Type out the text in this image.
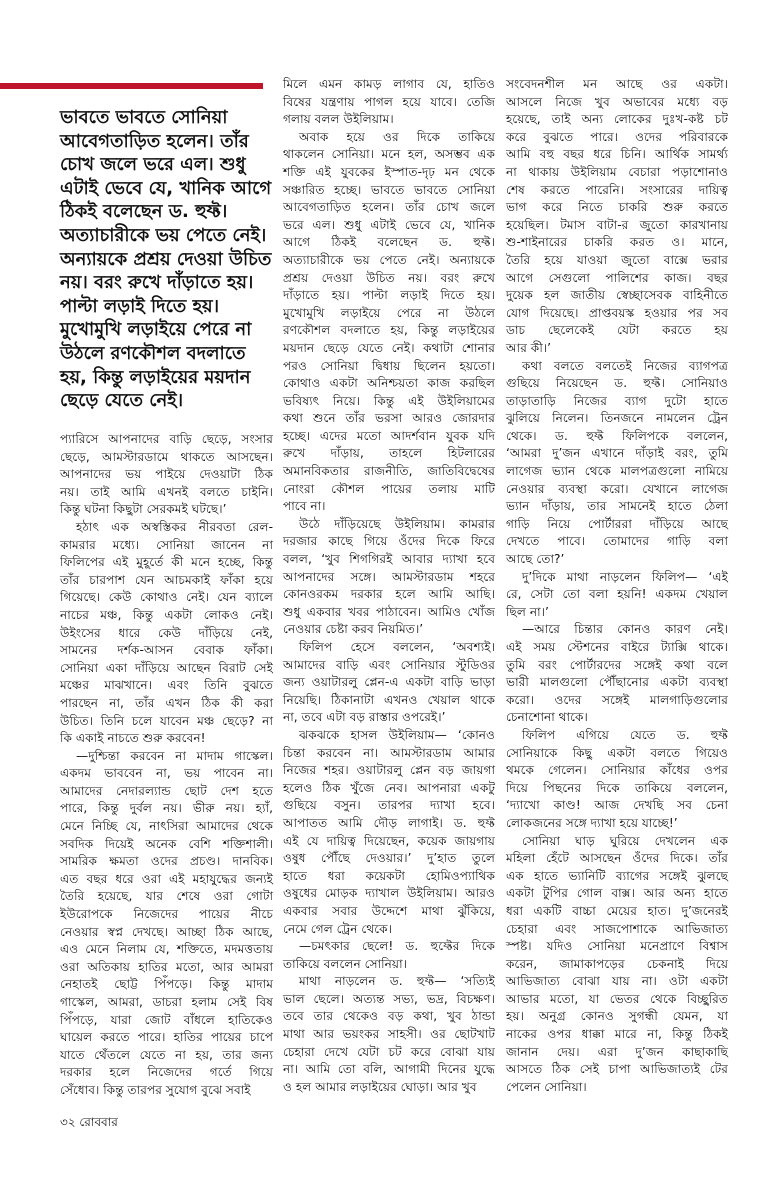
ভাবতে ভাবতে সোনিয়া
আবেগতাড়িত হলেন। তাঁর
চোখ জলে ভরে এল। শুধু
এটাই ভেবে যে, খানিক আগে
ঠিকই বলেছেন ড. হুফ্ট।
অত্যাচারীকে ভয় পেতে নেই।
অন্যায়কে প্রশ্রয় দেওয়া উচিত
নয়। বরং রুখে দাঁড়াতে হয়।
পাল্টা লড়াই দিতে হয়।
মুখোমুখি লড়াইয়ে পেরে না
উঠলে রণকৌশল বদলাতে
হয়, কিন্তু লড়াইয়ের ময়দান
ছেড়ে যেতে নেই।
প্যারিসে আপনাদের বাড়ি ছেড়ে, সংসার
ছেড়ে, আমস্টারডামে থাকতে আসছেন।
আপনাদের ভয় পাইয়ে দেওয়াটা ঠিক
নয়। তাই আমি এখনই বলতে চাইনি।
কিন্তু ঘটনা কিছুটা সেরকমই ঘটছে।’
হঠাৎ এক অস্বস্তিকর নীরবতা রেল-
কামরার মধ্যে। সোনিয়া জানেন না
ফিলিপের এই মুহূর্তে কী মনে হচ্ছে, কিন্তু
তাঁর চারপাশ যেন আচমকাই ফাঁকা হয়ে
গিয়েছে। কেউ কোথাও নেই। যেন ব্যালে
নাচের মঞ্চ, কিন্তু একটা লোকও নেই।
উইংসের ধারে কেউ দাঁড়িয়ে নেই,
সামনের দর্শক-আসন বেবাক ফাঁকা।
সোনিয়া একা দাঁড়িয়ে আছেন বিরাট সেই
মঞ্চের মাঝখানে। এবং তিনি বুঝতে
পারছেন না, তাঁর এখন ঠিক কী করা
উচিত। তিনি চলে যাবেন মঞ্চ ছেড়ে? না
কি একাই নাচতে শুরু করবেন!
—দুশ্চিন্তা করবেন না মাদাম গাস্কেল।
একদম ভাববেন না, ভয় পাবেন না।
আমাদের নেদারল্যান্ড ছোট দেশ হতে
পারে, কিন্তু দুর্বল নয়। ভীরু নয়। হ্যাঁ,
মেনে নিচ্ছি যে, নাৎসিরা আমাদের থেকে
সবদিক দিয়েই অনেক বেশি শক্তিশালী।
সামরিক ক্ষমতা ওদের প্রচণ্ড। দানবিক।
এত বছর ধরে ওরা এই মহাযুদ্ধের জন্যই
তৈরি হয়েছে, যার শেষে ওরা গোটা
ইউরোপকে নিজেদের পায়ের নীচে
নেওয়ার স্বপ্ন দেখছে। আচ্ছা ঠিক আছে,
এও মেনে নিলাম যে, শক্তিতে, মদমত্ততায়
ওরা অতিকায় হাতির মতো, আর আমরা
নেহাতই ছোট্ট পিঁপড়ে। কিন্তু মাদাম
গাস্কেল, আমরা, ডাচরা হলাম সেই বিষ
পিঁপড়ে, যারা জোট বাঁধলে হাতিকেও
ঘায়েল করতে পারে। হাতির পায়ের চাপে
যাতে থেঁতলে যেতে না হয়, তার জন্য
দরকার হলে নিজেদের গর্তে গিয়ে
সেঁধোব। কিন্তু তারপর সুযোগ বুঝে সবাই
মিলে এমন কামড় লাগাব যে, হাতিও
বিষের যন্ত্রণায় পাগল হয়ে যাবে। তেজি
গলায় বলল উইলিয়াম।
অবাক হয়ে ওর দিকে তাকিয়ে
থাকলেন সোনিয়া। মনে হল, অসম্ভব এক
শক্তি এই যুবকের ইস্পাত-দৃঢ় মন থেকে
সঞ্চারিত হচ্ছে। ভাবতে ভাবতে সোনিয়া
আবেগতাড়িত হলেন। তাঁর চোখ জলে
ভরে এল। শুধু এটাই ভেবে যে, খানিক
আগে ঠিকই বলেছেন ড. হুফ্ট।
অত্যাচারীকে ভয় পেতে নেই। অন্যায়কে
প্রশ্রয় দেওয়া উচিত নয়। বরং রুখে
দাঁড়াতে হয়। পাল্টা লড়াই দিতে হয়।
মুখোমুখি লড়াইয়ে পেরে না উঠলে
রণকৌশল বদলাতে হয়, কিন্তু লড়াইয়ের
ময়দান ছেড়ে যেতে নেই। কথাটা শোনার
পরও সোনিয়া দ্বিধায় ছিলেন হয়তো।
কোথাও একটা অনিশ্চয়তা কাজ করছিল
ভবিষ্যৎ নিয়ে। কিন্তু এই উইলিয়ামের
কথা শুনে তাঁর ভরসা আরও জোরদার
হচ্ছে। এদের মতো আদর্শবান যুবক যদি
রুখে দাঁড়ায়, তাহলে হিটলারের
অমানবিকতার রাজনীতি, জাতিবিদ্বেষের
নোংরা কৌশল পায়ের তলায় মাটি
পাবে না।
উঠে দাঁড়িয়েছে উইলিয়াম। কামরার
দরজার কাছে গিয়ে ওঁদের দিকে ফিরে
বলল, ‘খুব শিগগিরই আবার দ্যাখা হবে
আপনাদের সঙ্গে। আমস্টারডাম শহরে
কোনওরকম দরকার হলে আমি আছি।
শুধু একবার খবর পাঠাবেন। আমিও খোঁজ
নেওয়ার চেষ্টা করব নিয়মিত।’
ফিলিপ হেসে বললেন, ‘অবশ্যই।
আমাদের বাড়ি এবং সোনিয়ার স্টুডিওর
জন্য ওয়াটারলু প্লেন-এ একটা বাড়ি ভাড়া
নিয়েছি। ঠিকানাটা এখনও খেয়াল থাকে
না, তবে এটা বড় রাস্তার ওপরেই।’
ঝকঝকে হাসল উইলিয়াম— ‘কোনও
চিন্তা করবেন না। আমস্টারডাম আমার
নিজের শহর। ওয়াটারলু প্লেন বড় জায়গা
হলেও ঠিক খুঁজে নেব। আপনারা একটু
গুছিয়ে বসুন। তারপর দ্যাখা হবে।
আপাতত আমি দৌড় লাগাই। ড. হুফ্ট
এই যে দায়িত্ব দিয়েছেন, কয়েক জায়গায়
ওষুধ পৌঁছে দেওয়ার।’ দু’হাত তুলে
হাতে ধরা কয়েকটা হোমিওপ্যাথিক
ওষুধের মোড়ক দ্যাখাল উইলিয়াম। আরও
একবার সবার উদ্দেশে মাথা ঝুঁকিয়ে,
নেমে গেল ট্রেন থেকে।
—চমৎকার ছেলে! ড. হুফ্টের দিকে
তাকিয়ে বললেন সোনিয়া।
মাথা নাড়লেন ড. হুফ্ট— ‘সত্যিই
ভাল ছেলে। অত্যন্ত সভ্য, ভদ্র, বিচক্ষণ।
তবে তার থেকেও বড় কথা, খুব ঠান্ডা
মাথা আর ভয়ংকর সাহসী। ওর ছোটখাট
চেহারা দেখে যেটা চট করে বোঝা যায়
না। আমি তো বলি, আগামী দিনের যুদ্ধে
ও হল আমার লড়াইয়ের ঘোড়া। আর খুব
সংবেদনশীল মন আছে ওর একটা।
আসলে নিজে খুব অভাবের মধ্যে বড়
হয়েছে, তাই অন্য লোকের দুঃখ-কষ্ট চট
করে বুঝতে পারে। ওদের পরিবারকে
আমি বহু বছর ধরে চিনি। আর্থিক সামর্থ্য
না থাকায় উইলিয়াম বেচারা পড়াশোনাও
শেষ করতে পারেনি। সংসারের দায়িত্ব
ভাগ করে নিতে চাকরি শুরু করতে
হয়েছিল। টমাস বাটা-র জুতো কারখানায়
শু-শাইনারের চাকরি করত ও। মানে,
তৈরি হয়ে যাওয়া জুতো বাক্সে ভরার
আগে সেগুলো পালিশের কাজ। বছর
দুয়েক হল জাতীয় স্বেচ্ছাসেবক বাহিনীতে
যোগ দিয়েছে। প্রাপ্তবয়স্ক হওয়ার পর সব
ডাচ ছেলেকেই যেটা করতে হয়
আর কী।’
কথা বলতে বলতেই নিজের ব্যাগপত্র
গুছিয়ে নিয়েছেন ড. হুফ্ট। সোনিয়াও
তাড়াতাড়ি নিজের ব্যাগ দুটো হাতে
ঝুলিয়ে নিলেন। তিনজনে নামলেন ট্রেন
থেকে। ড. হুফ্ট ফিলিপকে বললেন,
‘আমরা দু’জন এখানে দাঁড়াই বরং, তুমি
লাগেজ ভ্যান থেকে মালপত্রগুলো নামিয়ে
নেওয়ার ব্যবস্থা করো। যেখানে লাগেজ
ভ্যান দাঁড়ায়, তার সামনেই হাতে ঠেলা
গাড়ি নিয়ে পোর্টাররা দাঁড়িয়ে আছে
দেখতে পাবে। তোমাদের গাড়ি বলা
আছে তো?’
দু’দিকে মাথা নাড়লেন ফিলিপ— ‘এই
রে, সেটা তো বলা হয়নি! একদম খেয়াল
ছিল না।’
—আরে চিন্তার কোনও কারণ নেই।
এই সময় স্টেশনের বাইরে ট্যাক্সি থাকে।
তুমি বরং পোর্টারদের সঙ্গেই কথা বলে
ভারী মালগুলো পৌঁছানোর একটা ব্যবস্থা
করো। ওদের সঙ্গেই মালগাড়িগুলোর
চেনাশোনা থাকে।
ফিলিপ এগিয়ে যেতে ড. হুফ্ট
সোনিয়াকে কিছু একটা বলতে গিয়েও
থমকে গেলেন। সোনিয়ার কাঁধের ওপর
দিয়ে পিছনের দিকে তাকিয়ে বললেন,
‘দ্যাখো কাণ্ড! আজ দেখছি সব চেনা
লোকজনের সঙ্গে দ্যাখা হয়ে যাচ্ছে!’
সোনিয়া ঘাড় ঘুরিয়ে দেখলেন এক
মহিলা হেঁটে আসছেন ওঁদের দিকে। তাঁর
এক হাতে ভ্যানিটি ব্যাগের সঙ্গেই ঝুলছে
একটা টুপির গোল বাক্স। আর অন্য হাতে
ধরা একটি বাচ্চা মেয়ের হাত। দু’জনেরই
চেহারা এবং সাজপোশাকে আভিজাত্য
স্পষ্ট। যদিও সোনিয়া মনেপ্রাণে বিশ্বাস
করেন, জামাকাপড়ের চেকনাই দিয়ে
আভিজাত্য বোঝা যায় না। ওটা একটা
আভার মতো, যা ভেতর থেকে বিচ্ছুরিত
হয়। অনুগ্র কোনও সুগন্ধী যেমন, যা
নাকের ওপর ধাক্কা মারে না, কিন্তু ঠিকই
জানান দেয়। এরা দু’জন কাছাকাছি
আসতে ঠিক সেই চাপা আভিজাত্যই টের
পেলেন সোনিয়া।
৩২ রোববার
